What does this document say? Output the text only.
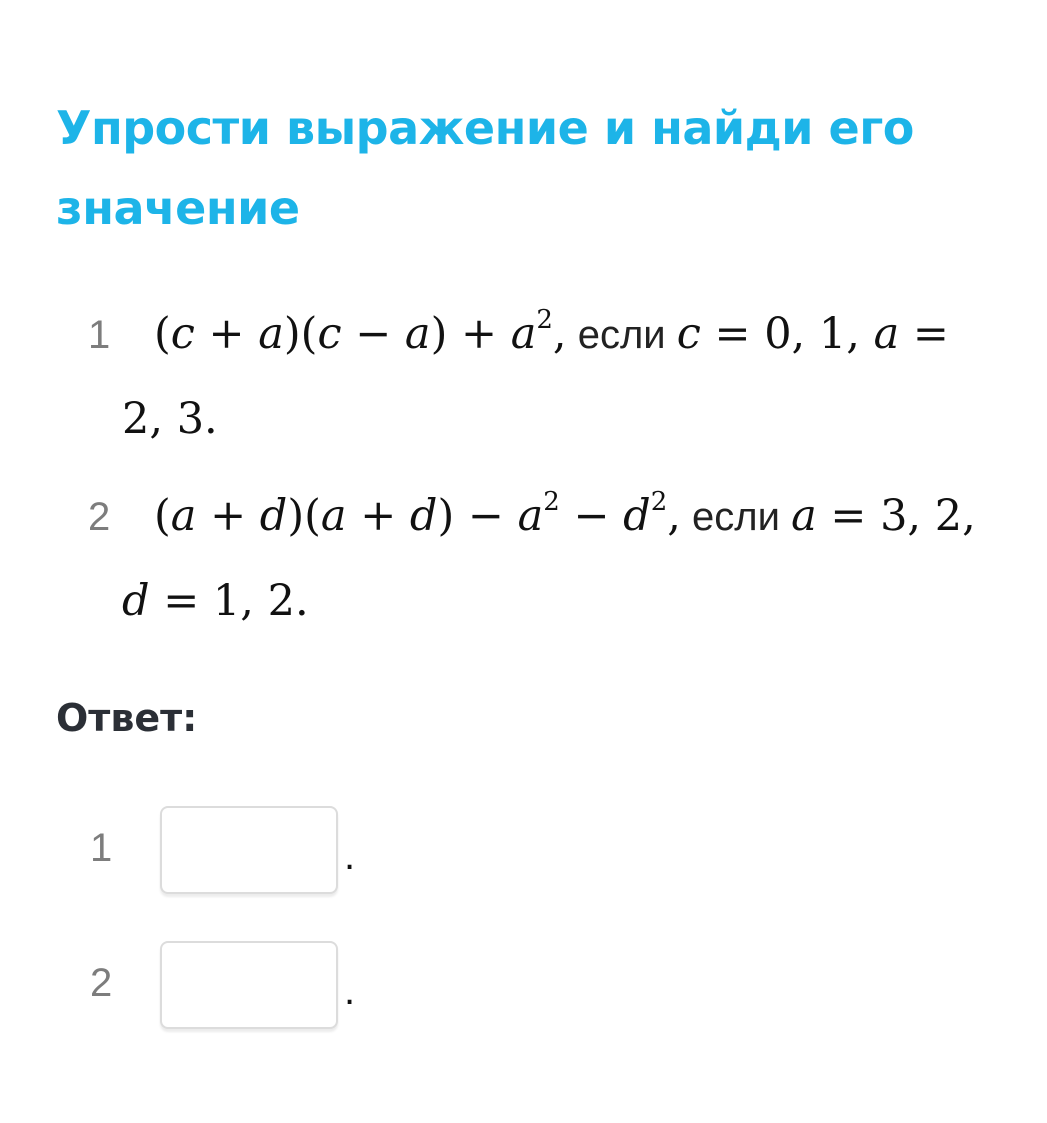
Упрости выражение и найди его значение
1 $(c + a)(c - a) + a^2$, если c = 0, 1, a =
2, 3.
2 $(a + d)(a + d) - a^2 - d^2$, если a = 3, 2,
d = 1, 2.
Ответ:
1	.
2	.
